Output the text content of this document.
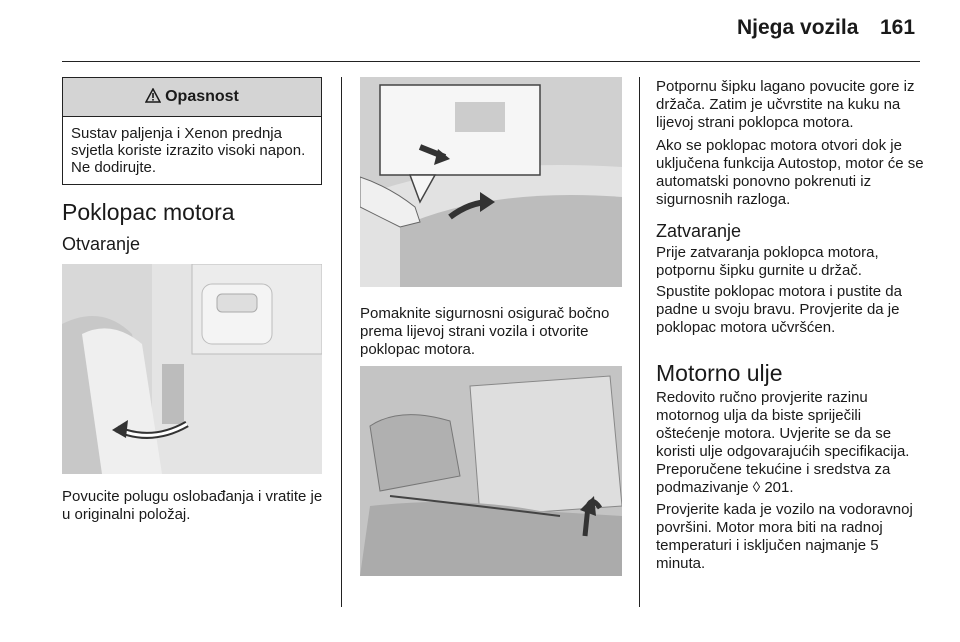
Njega vozila 161
Opasnost
Sustav paljenja i Xenon prednja svjetla koriste izrazito visoki napon. Ne dodirujte.
Poklopac motora
Otvaranje
Povucite polugu oslobađanja i vratite je u originalni položaj.
Pomaknite sigurnosni osigurač bočno prema lijevoj strani vozila i otvorite poklopac motora.
Potpornu šipku lagano povucite gore iz držača. Zatim je učvrstite na kuku na lijevoj strani poklopca motora.
Ako se poklopac motora otvori dok je uključena funkcija Autostop, motor će se automatski ponovno pokrenuti iz sigurnosnih razloga.
Zatvaranje
Prije zatvaranja poklopca motora, potpornu šipku gurnite u držač.
Spustite poklopac motora i pustite da padne u svoju bravu. Provjerite da je poklopac motora učvršćen.
Motorno ulje
Redovito ručno provjerite razinu motornog ulja da biste spriječili oštećenje motora. Uvjerite se da se koristi ulje odgovarajućih specifikacija. Preporučene tekućine i sredstva za podmazivanje ◊ 201.
Provjerite kada je vozilo na vodoravnoj površini. Motor mora biti na radnoj temperaturi i isključen najmanje 5 minuta.
